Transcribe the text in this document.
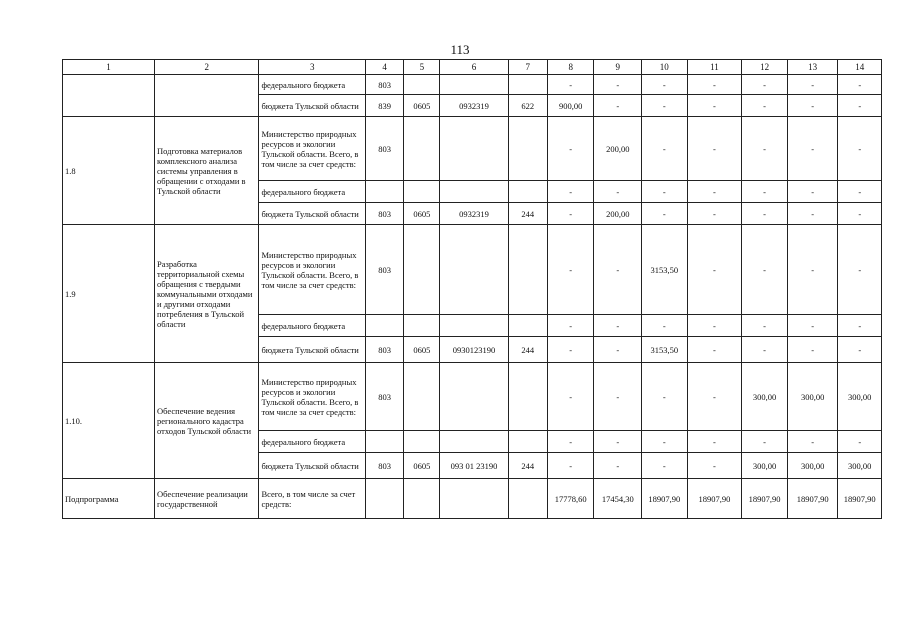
113
1	2	3	4	5	6	7	8	9	10	11	12	13	14
		федерального бюджета	803				-	-	-	-	-	-	-
		бюджета Тульской области	839	0605	0932319	622	900,00	-	-	-	-	-	-
1.8	Подготовка материалов комплексного анализа системы управления в обращении с отходами в Тульской области	Министерство природных ресурсов и экологии Тульской области. Всего, в том числе за счет средств:	803				-	200,00	-	-	-	-	-
		федерального бюджета					-	-	-	-	-	-	-
		бюджета Тульской области	803	0605	0932319	244	-	200,00	-	-	-	-	-
1.9	Разработка территориальной схемы обращения с твердыми коммунальными отходами и другими отходами потребления в Тульской области	Министерство природных ресурсов и экологии Тульской области. Всего, в том числе за счет средств:	803				-	-	3153,50	-	-	-	-
		федерального бюджета					-	-	-	-	-	-	-
		бюджета Тульской области	803	0605	0930123190	244	-	-	3153,50	-	-	-	-
1.10.	Обеспечение ведения регионального кадастра отходов Тульской области	Министерство природных ресурсов и экологии Тульской области. Всего, в том числе за счет средств:	803				-	-	-	-	300,00	300,00	300,00
		федерального бюджета					-	-	-	-	-	-	-
		бюджета Тульской области	803	0605	093 01 23190	244	-	-	-	-	300,00	300,00	300,00
Подпрограмма	Обеспечение реализации государственной	Всего, в том числе за счет средств:					17778,60	17454,30	18907,90	18907,90	18907,90	18907,90	18907,90
